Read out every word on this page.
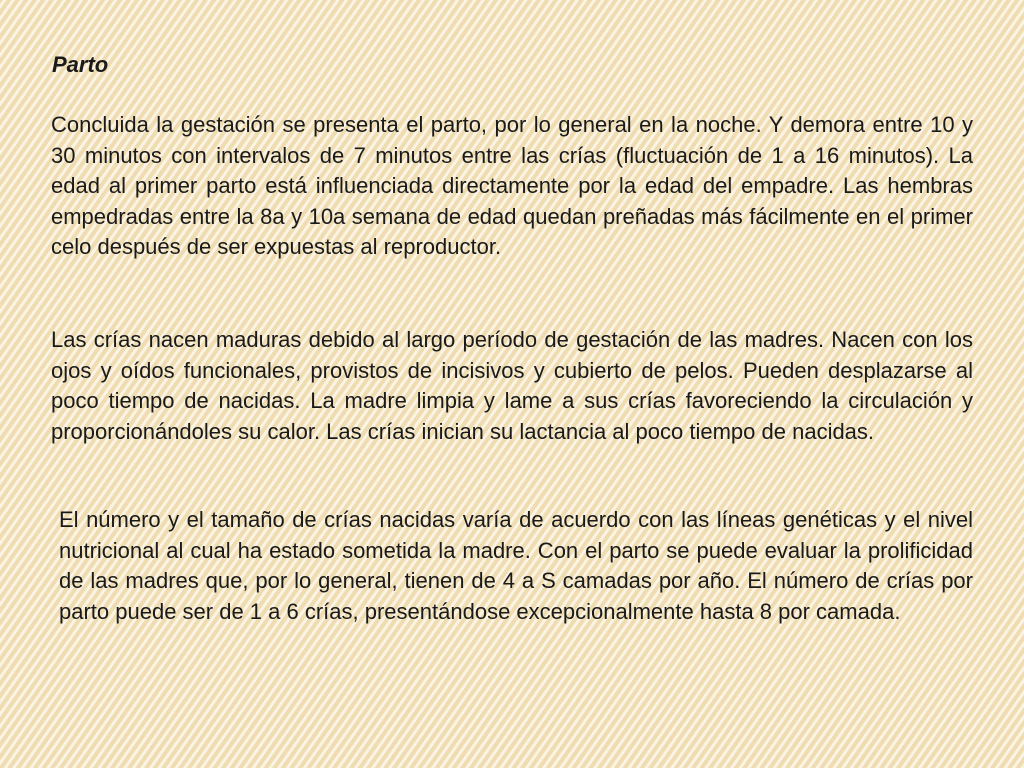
Parto

Concluida la gestación se presenta el parto, por lo general en la noche. Y demora entre 10 y 30 minutos con intervalos de 7 minutos entre las crías (fluctuación de 1 a 16 minutos). La edad al primer parto está influenciada directamente por la edad del empadre. Las hembras empedradas entre la 8a y 10a semana de edad quedan preñadas más fácilmente en el primer celo después de ser expuestas al reproductor.

Las crías nacen maduras debido al largo período de gestación de las madres. Nacen con los ojos y oídos funcionales, provistos de incisivos y cubierto de pelos. Pueden desplazarse al poco tiempo de nacidas. La madre limpia y lame a sus crías favoreciendo la circulación y proporcionándoles su calor. Las crías inician su lactancia al poco tiempo de nacidas.

El número y el tamaño de crías nacidas varía de acuerdo con las líneas genéticas y el nivel nutricional al cual ha estado sometida la madre. Con el parto se puede evaluar la prolificidad de las madres que, por lo general, tienen de 4 a S camadas por año. El número de crías por parto puede ser de 1 a 6 crías, presentándose excepcionalmente hasta 8 por camada.
